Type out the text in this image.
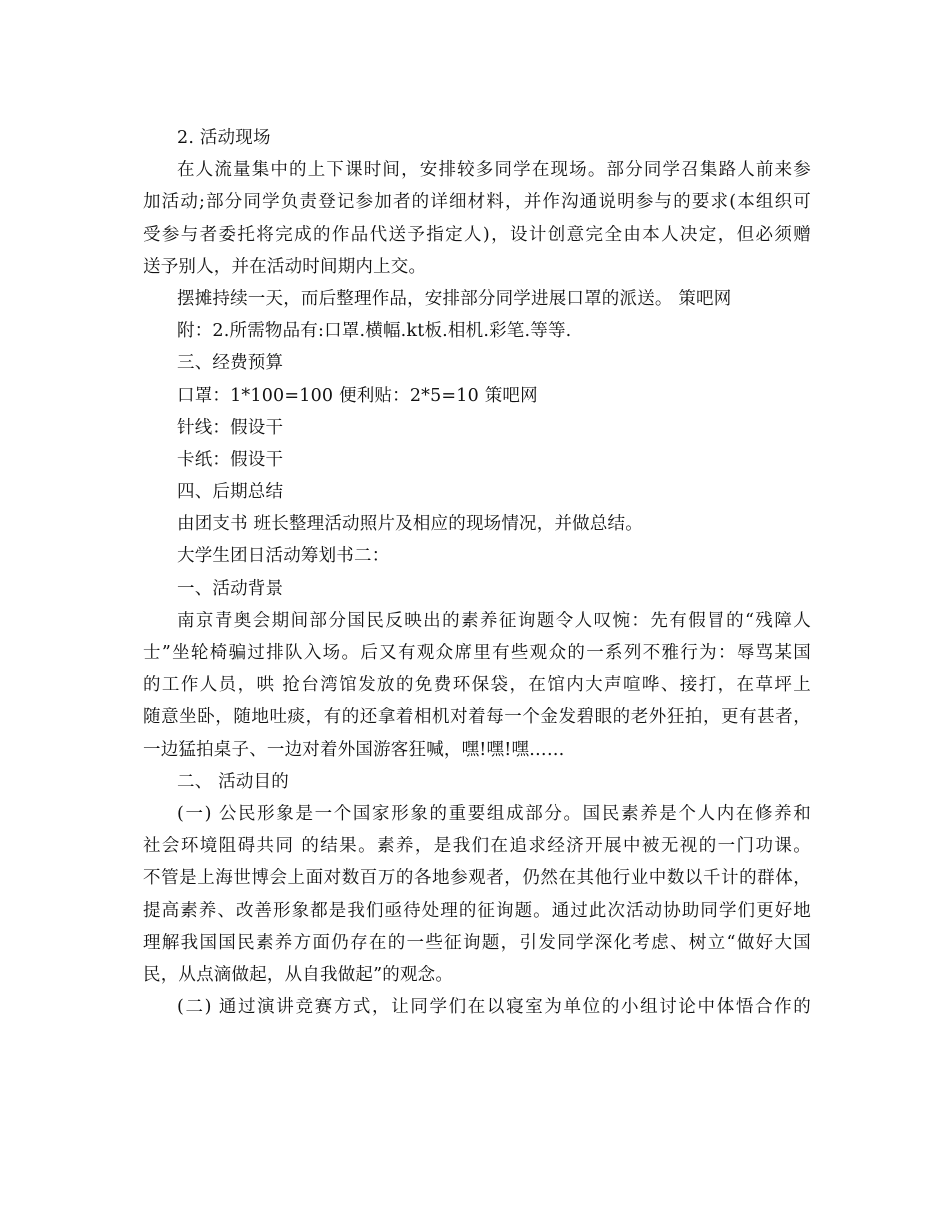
2. 活动现场
在人流量集中的上下课时间，安排较多同学在现场。部分同学召集路人前来参
加活动;部分同学负责登记参加者的详细材料，并作沟通说明参与的要求(本组织可
受参与者委托将完成的作品代送予指定人)，设计创意完全由本人决定，但必须赠
送予别人，并在活动时间期内上交。
摆摊持续一天，而后整理作品，安排部分同学进展口罩的派送。 策吧网
附：2.所需物品有:口罩.横幅.kt板.相机.彩笔.等等.
三、经费预算
口罩：1*100=100 便利贴：2*5=10 策吧网
针线：假设干
卡纸：假设干
四、后期总结
由团支书 班长整理活动照片及相应的现场情况，并做总结。
大学生团日活动筹划书二：
一、活动背景
南京青奥会期间部分国民反映出的素养征询题令人叹惋：先有假冒的“残障人
士”坐轮椅骗过排队入场。后又有观众席里有些观众的一系列不雅行为：辱骂某国
的工作人员，哄 抢台湾馆发放的免费环保袋，在馆内大声喧哗、接打，在草坪上
随意坐卧，随地吐痰，有的还拿着相机对着每一个金发碧眼的老外狂拍，更有甚者，
一边猛拍桌子、一边对着外国游客狂喊，嘿!嘿!嘿……
二、 活动目的
(一) 公民形象是一个国家形象的重要组成部分。国民素养是个人内在修养和
社会环境阻碍共同 的结果。素养，是我们在追求经济开展中被无视的一门功课。
不管是上海世博会上面对数百万的各地参观者，仍然在其他行业中数以千计的群体，
提高素养、改善形象都是我们亟待处理的征询题。通过此次活动协助同学们更好地
理解我国国民素养方面仍存在的一些征询题，引发同学深化考虑、树立“做好大国
民，从点滴做起，从自我做起”的观念。
(二) 通过演讲竞赛方式，让同学们在以寝室为单位的小组讨论中体悟合作的
